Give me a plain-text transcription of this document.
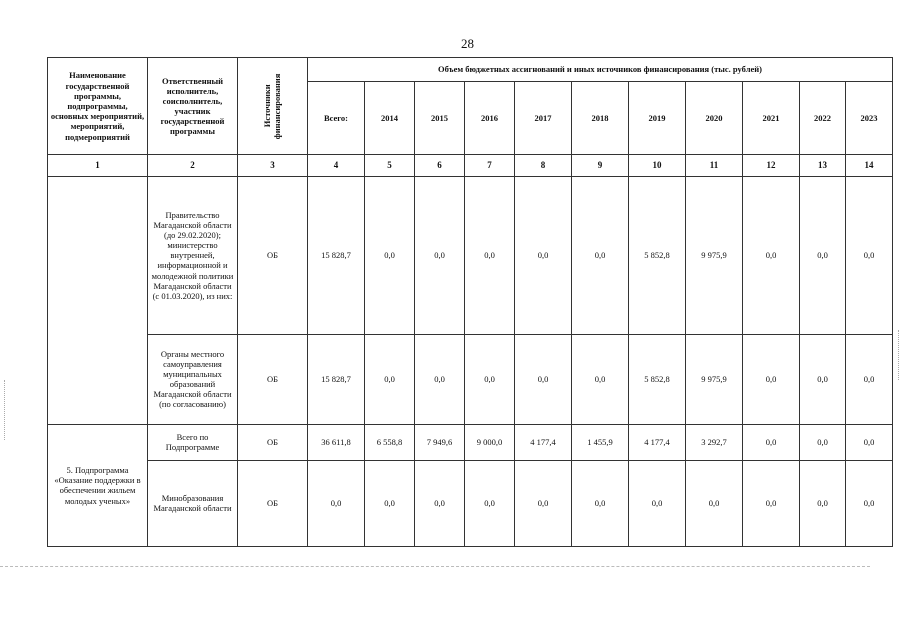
28
Наименование государственной программы, подпрограммы, основных мероприятий, мероприятий, подмероприятий	Ответственный исполнитель, соисполнитель, участник государственной программы	Источники финансирования	Объем бюджетных ассигнований и иных источников финансирования (тыс. рублей)										
			Всего:	2014	2015	2016	2017	2018	2019	2020	2021	2022	2023
1	2	3	4	5	6	7	8	9	10	11	12	13	14
	Правительство Магаданской области (до 29.02.2020); министерство внутренней, информационной и молодежной политики Магаданской области (с 01.03.2020), из них:	ОБ	15 828,7	0,0	0,0	0,0	0,0	0,0	5 852,8	9 975,9	0,0	0,0	0,0
	Органы местного самоуправления муниципальных образований Магаданской области (по согласованию)	ОБ	15 828,7	0,0	0,0	0,0	0,0	0,0	5 852,8	9 975,9	0,0	0,0	0,0
5. Подпрограмма «Оказание поддержки в обеспечении жильем молодых ученых»	Всего по Подпрограмме	ОБ	36 611,8	6 558,8	7 949,6	9 000,0	4 177,4	1 455,9	4 177,4	3 292,7	0,0	0,0	0,0
	Минобразования Магаданской области	ОБ	0,0	0,0	0,0	0,0	0,0	0,0	0,0	0,0	0,0	0,0	0,0
